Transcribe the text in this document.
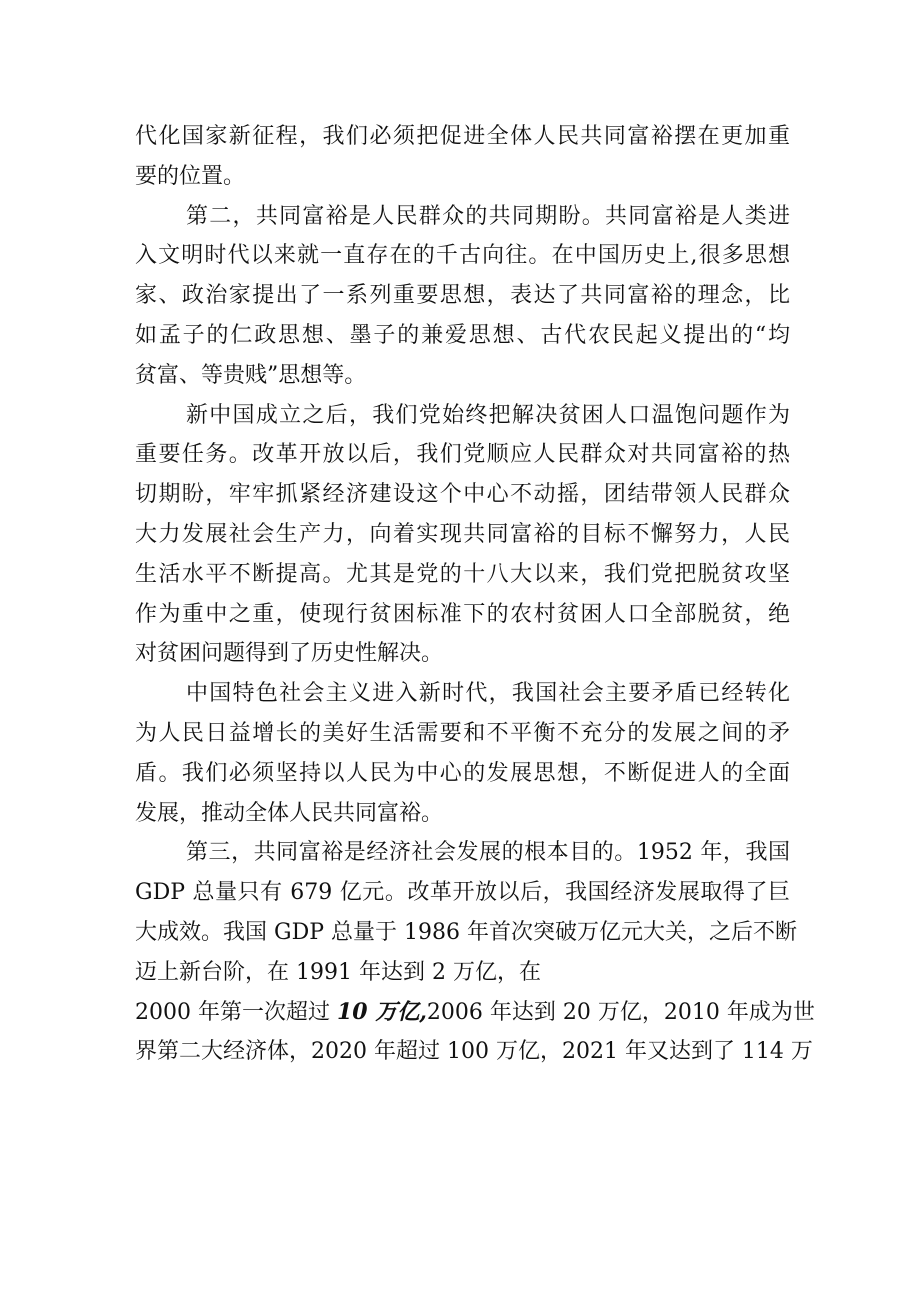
代化国家新征程，我们必须把促进全体人民共同富裕摆在更加重
要的位置。
第二，共同富裕是人民群众的共同期盼。共同富裕是人类进
入文明时代以来就一直存在的千古向往。在中国历史上,很多思想
家、政治家提出了一系列重要思想，表达了共同富裕的理念，比
如孟子的仁政思想、墨子的兼爱思想、古代农民起义提出的“均
贫富、等贵贱”思想等。
新中国成立之后，我们党始终把解决贫困人口温饱问题作为
重要任务。改革开放以后，我们党顺应人民群众对共同富裕的热
切期盼，牢牢抓紧经济建设这个中心不动摇，团结带领人民群众
大力发展社会生产力，向着实现共同富裕的目标不懈努力，人民
生活水平不断提高。尤其是党的十八大以来，我们党把脱贫攻坚
作为重中之重，使现行贫困标准下的农村贫困人口全部脱贫，绝
对贫困问题得到了历史性解决。
中国特色社会主义进入新时代，我国社会主要矛盾已经转化
为人民日益增长的美好生活需要和不平衡不充分的发展之间的矛
盾。我们必须坚持以人民为中心的发展思想，不断促进人的全面
发展，推动全体人民共同富裕。
第三，共同富裕是经济社会发展的根本目的。1952 年，我国
GDP 总量只有 679 亿元。改革开放以后，我国经济发展取得了巨
大成效。我国 GDP 总量于 1986 年首次突破万亿元大关，之后不断
迈上新台阶，在 1991 年达到 2 万亿，在
2000 年第一次超过 10 万亿,2006 年达到 20 万亿，2010 年成为世
界第二大经济体，2020 年超过 100 万亿，2021 年又达到了 114 万
